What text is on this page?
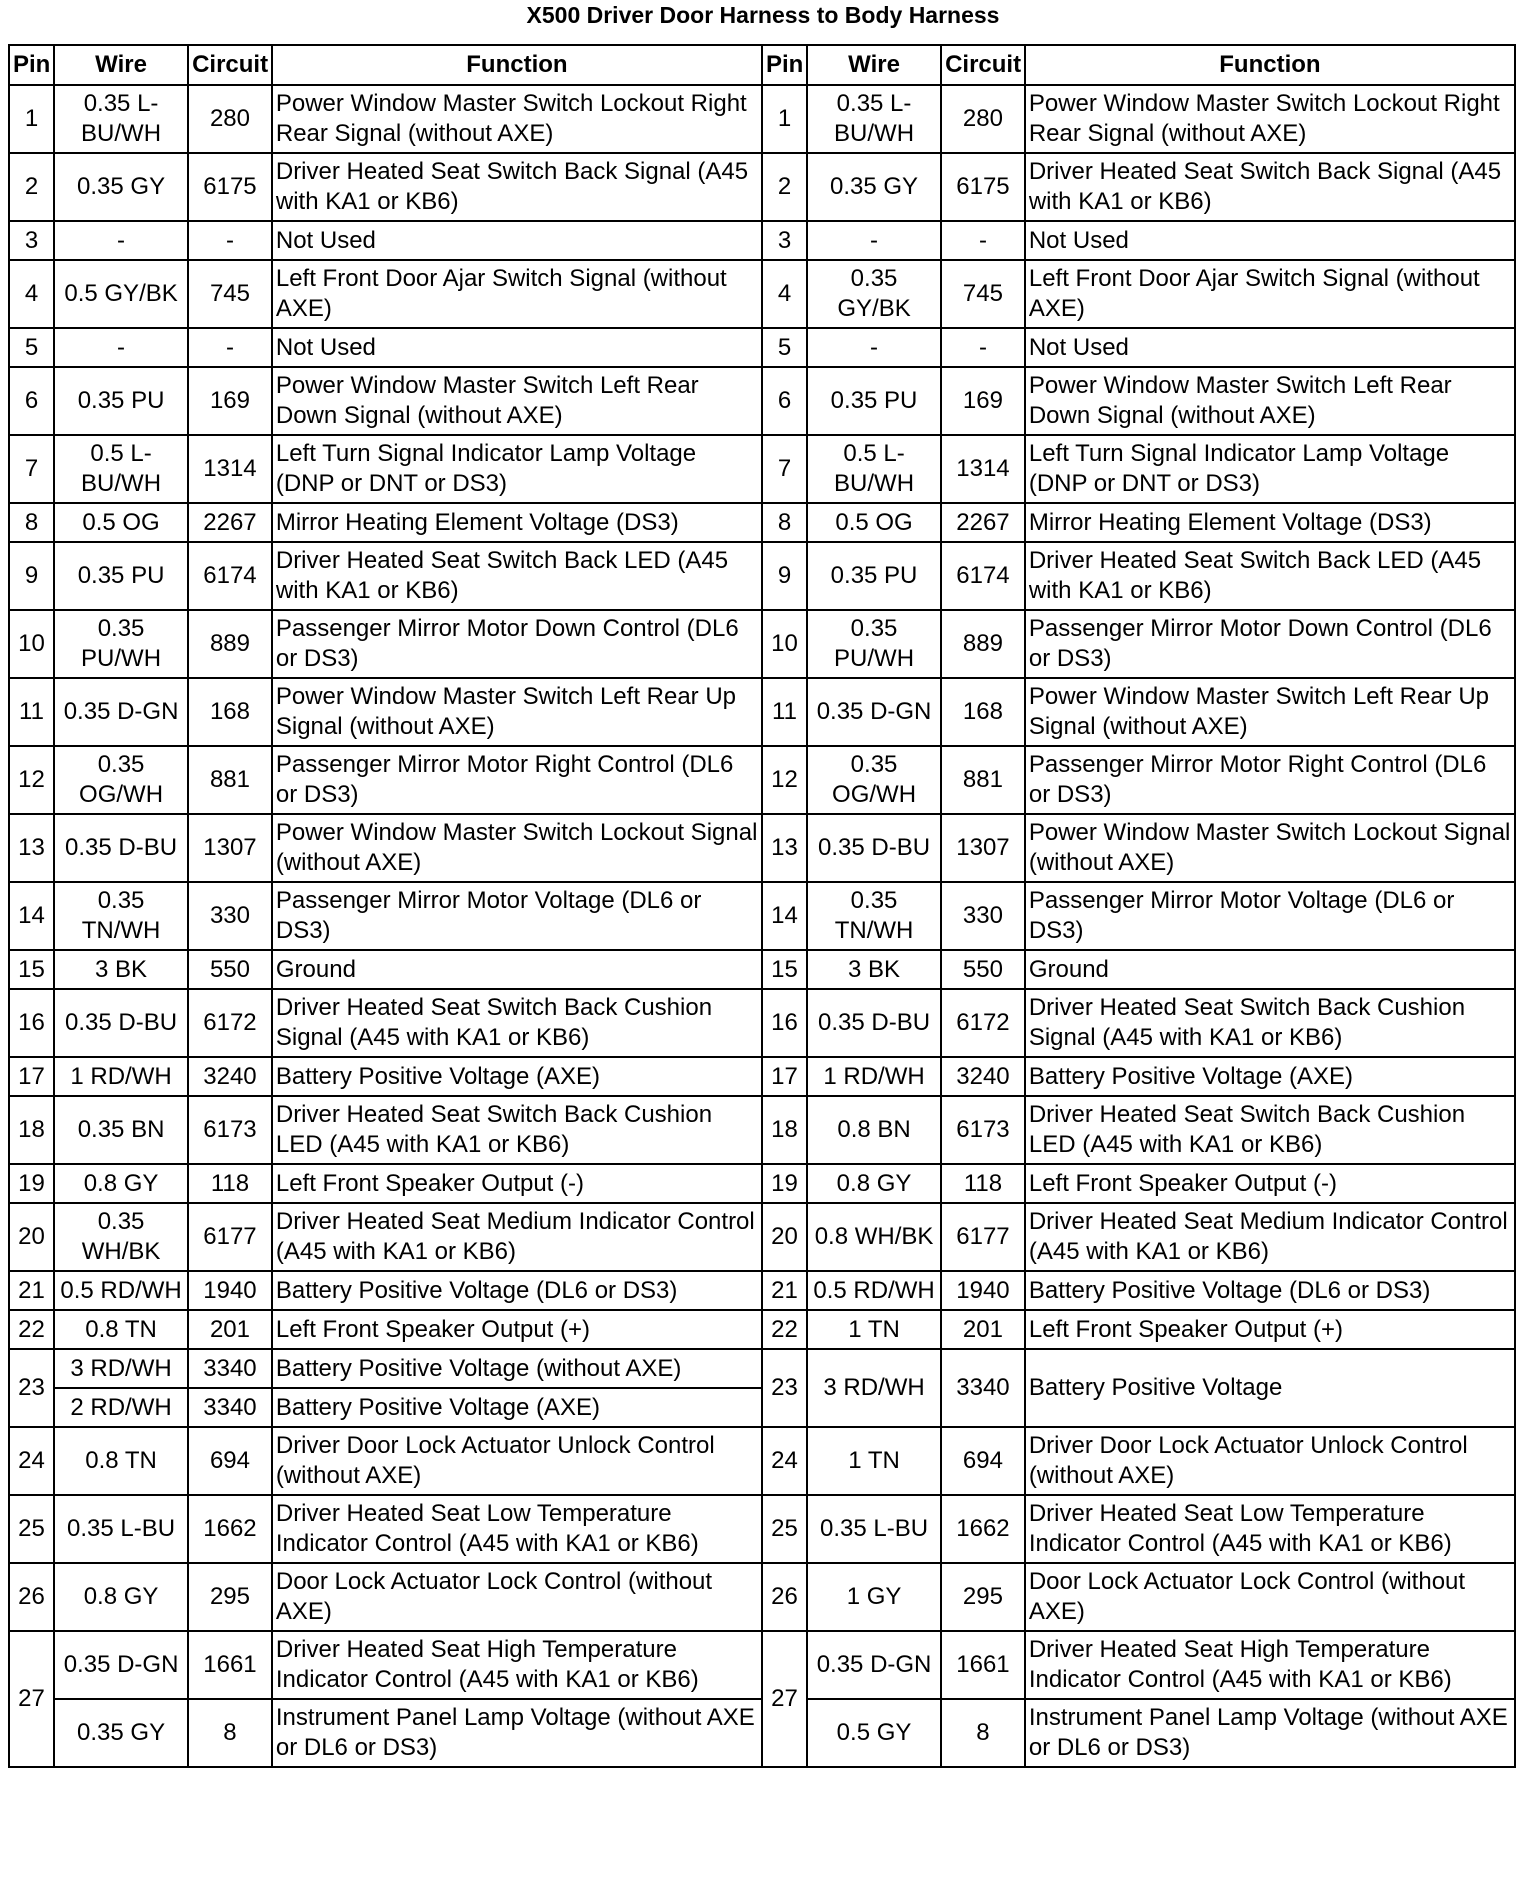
X500 Driver Door Harness to Body Harness
Pin	Wire	Circuit	Function	Pin	Wire	Circuit	Function
1	0.35 L-BU/WH	280	Power Window Master Switch Lockout Right Rear Signal (without AXE)	1	0.35 L-BU/WH	280	Power Window Master Switch Lockout Right Rear Signal (without AXE)
2	0.35 GY	6175	Driver Heated Seat Switch Back Signal (A45 with KA1 or KB6)	2	0.35 GY	6175	Driver Heated Seat Switch Back Signal (A45 with KA1 or KB6)
3	-	-	Not Used	3	-	-	Not Used
4	0.5 GY/BK	745	Left Front Door Ajar Switch Signal (without AXE)	4	0.35 GY/BK	745	Left Front Door Ajar Switch Signal (without AXE)
5	-	-	Not Used	5	-	-	Not Used
6	0.35 PU	169	Power Window Master Switch Left Rear Down Signal (without AXE)	6	0.35 PU	169	Power Window Master Switch Left Rear Down Signal (without AXE)
7	0.5 L-BU/WH	1314	Left Turn Signal Indicator Lamp Voltage (DNP or DNT or DS3)	7	0.5 L-BU/WH	1314	Left Turn Signal Indicator Lamp Voltage (DNP or DNT or DS3)
8	0.5 OG	2267	Mirror Heating Element Voltage (DS3)	8	0.5 OG	2267	Mirror Heating Element Voltage (DS3)
9	0.35 PU	6174	Driver Heated Seat Switch Back LED (A45 with KA1 or KB6)	9	0.35 PU	6174	Driver Heated Seat Switch Back LED (A45 with KA1 or KB6)
10	0.35 PU/WH	889	Passenger Mirror Motor Down Control (DL6 or DS3)	10	0.35 PU/WH	889	Passenger Mirror Motor Down Control (DL6 or DS3)
11	0.35 D-GN	168	Power Window Master Switch Left Rear Up Signal (without AXE)	11	0.35 D-GN	168	Power Window Master Switch Left Rear Up Signal (without AXE)
12	0.35 OG/WH	881	Passenger Mirror Motor Right Control (DL6 or DS3)	12	0.35 OG/WH	881	Passenger Mirror Motor Right Control (DL6 or DS3)
13	0.35 D-BU	1307	Power Window Master Switch Lockout Signal (without AXE)	13	0.35 D-BU	1307	Power Window Master Switch Lockout Signal (without AXE)
14	0.35 TN/WH	330	Passenger Mirror Motor Voltage (DL6 or DS3)	14	0.35 TN/WH	330	Passenger Mirror Motor Voltage (DL6 or DS3)
15	3 BK	550	Ground	15	3 BK	550	Ground
16	0.35 D-BU	6172	Driver Heated Seat Switch Back Cushion Signal (A45 with KA1 or KB6)	16	0.35 D-BU	6172	Driver Heated Seat Switch Back Cushion Signal (A45 with KA1 or KB6)
17	1 RD/WH	3240	Battery Positive Voltage (AXE)	17	1 RD/WH	3240	Battery Positive Voltage (AXE)
18	0.35 BN	6173	Driver Heated Seat Switch Back Cushion LED (A45 with KA1 or KB6)	18	0.8 BN	6173	Driver Heated Seat Switch Back Cushion LED (A45 with KA1 or KB6)
19	0.8 GY	118	Left Front Speaker Output (-)	19	0.8 GY	118	Left Front Speaker Output (-)
20	0.35 WH/BK	6177	Driver Heated Seat Medium Indicator Control (A45 with KA1 or KB6)	20	0.8 WH/BK	6177	Driver Heated Seat Medium Indicator Control (A45 with KA1 or KB6)
21	0.5 RD/WH	1940	Battery Positive Voltage (DL6 or DS3)	21	0.5 RD/WH	1940	Battery Positive Voltage (DL6 or DS3)
22	0.8 TN	201	Left Front Speaker Output (+)	22	1 TN	201	Left Front Speaker Output (+)
23	3 RD/WH	3340	Battery Positive Voltage (without AXE)	23	3 RD/WH	3340	Battery Positive Voltage
	2 RD/WH	3340	Battery Positive Voltage (AXE)				
24	0.8 TN	694	Driver Door Lock Actuator Unlock Control (without AXE)	24	1 TN	694	Driver Door Lock Actuator Unlock Control (without AXE)
25	0.35 L-BU	1662	Driver Heated Seat Low Temperature Indicator Control (A45 with KA1 or KB6)	25	0.35 L-BU	1662	Driver Heated Seat Low Temperature Indicator Control (A45 with KA1 or KB6)
26	0.8 GY	295	Door Lock Actuator Lock Control (without AXE)	26	1 GY	295	Door Lock Actuator Lock Control (without AXE)
27	0.35 D-GN	1661	Driver Heated Seat High Temperature Indicator Control (A45 with KA1 or KB6)	27	0.35 D-GN	1661	Driver Heated Seat High Temperature Indicator Control (A45 with KA1 or KB6)
	0.35 GY	8	Instrument Panel Lamp Voltage (without AXE or DL6 or DS3)		0.5 GY	8	Instrument Panel Lamp Voltage (without AXE or DL6 or DS3)
